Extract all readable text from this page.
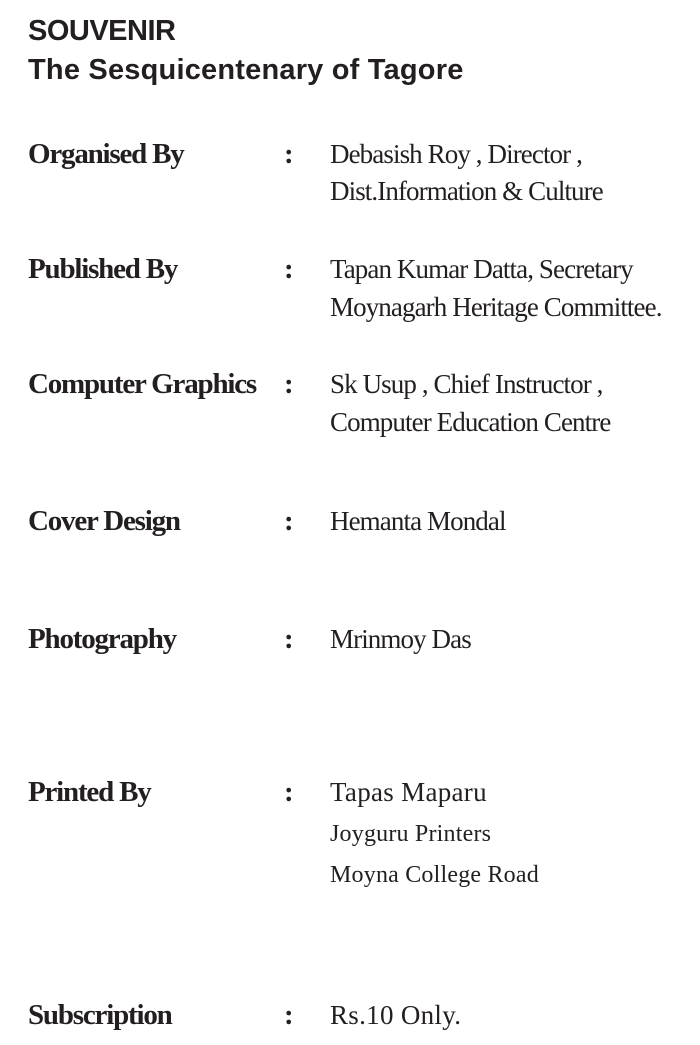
SOUVENIR
The Sesquicentenary of Tagore
Organised By	: Debasish Roy , Director ,
Dist.Information & Culture
Published By	: Tapan Kumar Datta, Secretary
Moynagarh Heritage Committee.
Computer Graphics : Sk Usup , Chief Instructor ,
Computer Education Centre
Cover Design	: Hemanta Mondal
Photography	: Mrinmoy Das
Printed By	: Tapas Maparu
Joyguru Printers
Moyna College Road
Subscription	: Rs.10 Only.
